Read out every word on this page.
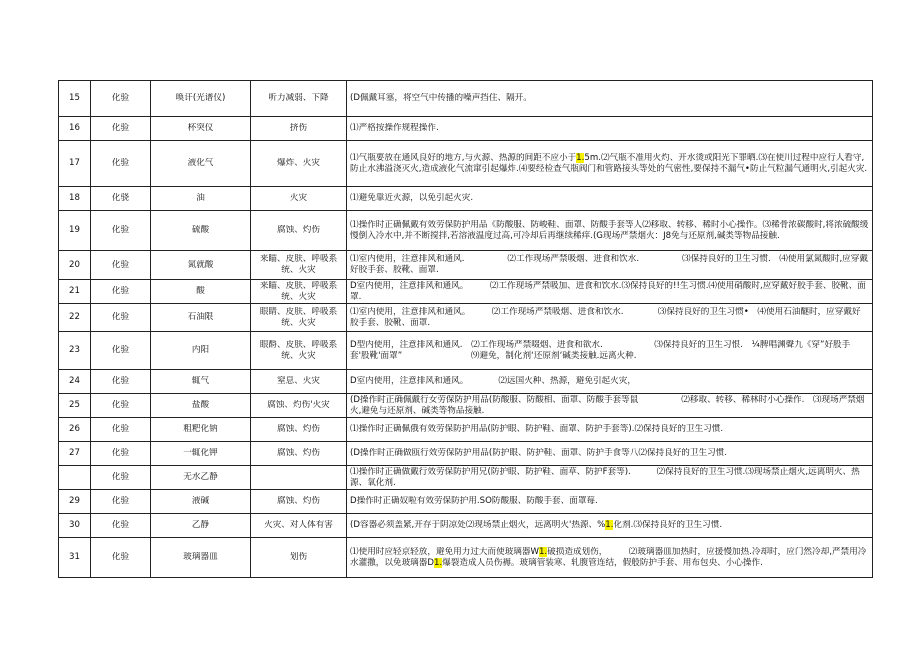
15	化验	唤讦(光谱仪)	听力减弱、下降	(D佩戴耳塞，将空气中传播的噪声挡住、隔开。

16	化验	杯突仪	挤伤	⑴严格按操作规程操作.

17	化验	液化气	爆炸、火灾	⑴气瓶要放在通风良好的地方,与火源、热源的间距不应小于1.5m.⑵气瓶不准用火灼、开水烫或阳光下罪晒.⑶在使川过程中应行人看守,防止水沸溢浇灭火,造成液化气流窜引起爆炸.⑷要经检查气瓶阀门和管路接头等处的气密性,要保持不漏气•防止气粒漏气通明火,引起火灾.

18	化骁	油	火灾	⑴避免靠近火源，以免引起火灾.

19	化验	硫酸	腐蚀、灼伤	⑴操作时正确佩戴有效劳保防护用品《防酸服、防峻鞋、面罩、防酸手套等人⑵移取、转移、稀时小心操作。⑶稀骨浓碳酸时,将浓硫酸缓慢倒入冷水中,并不断搅拌,若溶液温度过高,可冷却后再继续稀痒.(G现场严禁烟火：J8免与还原剂,碱类等物品接触.

20	化验	氮就酸	来瞄、皮肤、呼吸系统、火灾	⑴室内使用，注意排风和通风.　　　　　⑵工作现场严禁吸烟、进食和饮水.　　　　　⑶保持良好的卫生习惯.　⑷使用氯氮酸时,应穿戴好胶手套、胶靴、面罩.

21	化验	酸	来瞄、皮肤、呼吸系统、火灾	D室内使用，注意排风和通风。　　　⑵工作现场严禁吸加、进食和饮水.⑶保持良好的!!生习惯.⑷使用硝酸时,应穿戴好胶手套、胶靴、面罩.

22	化验	石油限	眼睛、皮肤、呼吸系统、火灾	⑴室内使用，注意排风和通风。　　　⑵工作现场严禁吸烟、进食和饮水.　　　　⑶保持良好的卫生习惯•　⑷使用石油醚时，应穿戴好胶手套、胶靴、面罩.

23	化验	内阳	眼酹、皮肤、呼吸系统、火灾	D型内使用，注意排风和通风.　⑵工作现场严禁啜烟、进食和欲水.　　　　　　⑶保持良好的卫生习恨.　⅟₄脾唱渊聲九《穿”好股手套'股靴'面罩”　　　　　　　　⑼避免，制化剂‘还原剂‘碱类接触.远离火种.

24	化验	辄气	窒息、火灾	D室内使用，注意排风和通风。　　　　⑵远国火种、热源，避免引起火灾，

25	化验	盐酸	腐蚀、灼伤'火灾	(D操作时正确佩戴行女劳保防护用品(防酸服、防酸相、面罩、防酸手套等鼠　　　　　⑵移取、转移、稀林时小心操作.　⑶现场严禁烟火,避免与还原剂、碱类等物品接触.

26	化验	粗粑化钠	腐蚀、灼伤	⑴操作时正确佩俄有效劳保防护用品(防护眼、防护鞋、面罩、防护手套等).⑵保持良好的卫生习惯.

27	化验	一辄化钾	腐蚀、灼伤	(D操作时正确做瓯行效劳保防护用品(防护眼、防护鞋、面罩、防护手食等八⑵保持良好的卫生习惯.

	化验	无水乙静		⑴操作时正确做戴行效劳保防护用兄(防护眼、防护鞋、面草、防护F套等).　　　⑵保持良好的卫生习惯.⑶现场禁止烟火,远离明火、热源、氧化剂.

29	化验	液碱	腐蚀、灼伤	D操作时正确奴啦有效劳保防护用.SO防酸服、防酸手套、面罩莓.

30	化验	乙静	火灾、对人体有害	(D容器必须盖紧,开存于阴凉处⑵现场禁止烟火，远离明火'热源、%1.化剂.⑶保持良好的卫生习惯.

31	化验	玻璃器皿	划伤	⑴使用时应轻京轻放，避免用力过大而使玻璃器W1.破损造成划伤，　　　⑵玻璃器皿加热时，应援慢加热.冷却时，应门然冷却,严禁用冷水灌撒，以免玻璃器D1.爆裂造成人员伤褥。玻璃管装寒、轧腹管连结，假般防护手套、用布包央、小心操作.
